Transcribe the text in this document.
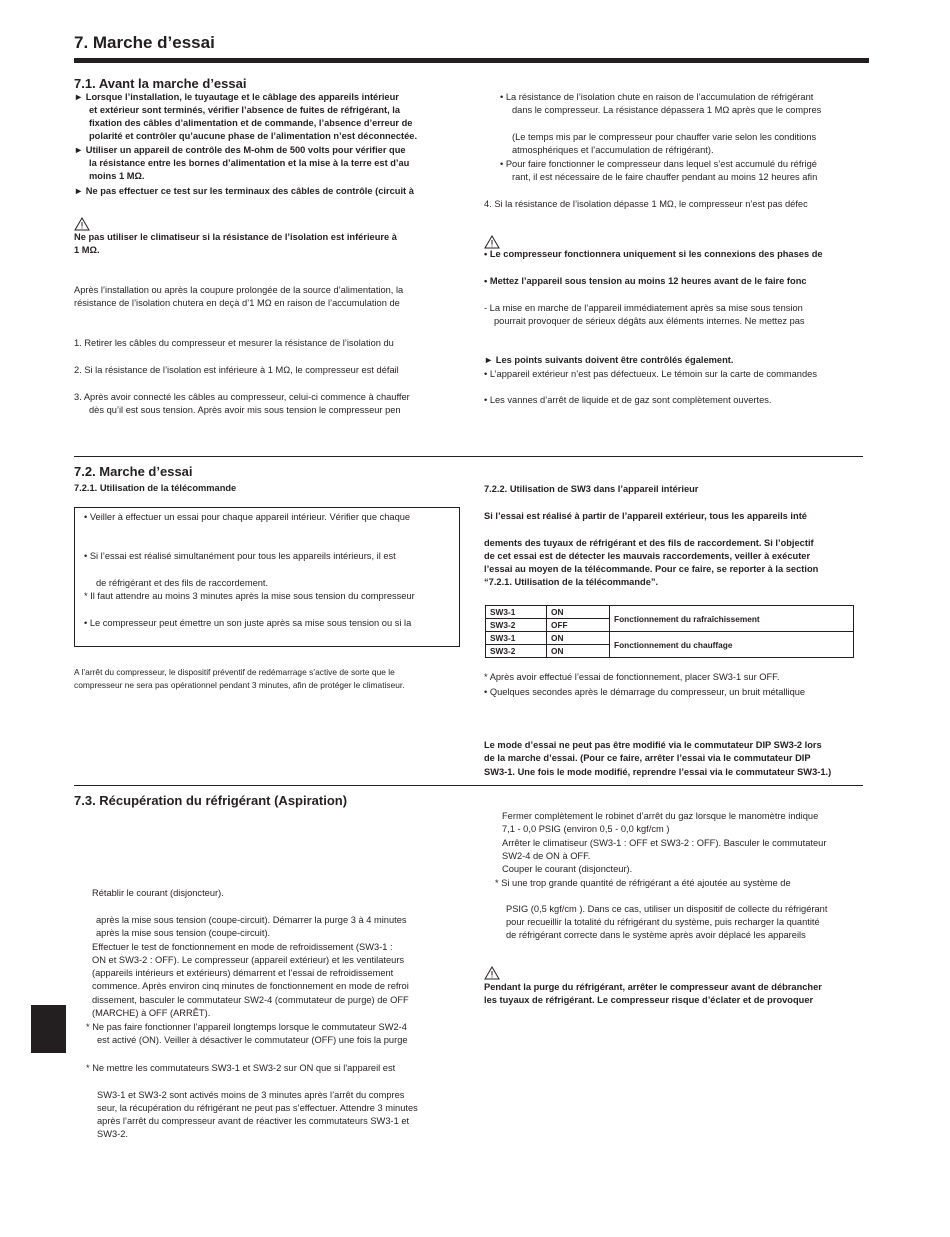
7. Marche d’essai
7.1. Avant la marche d’essai
► Lorsque l’installation, le tuyautage et le câblage des appareils intérieur
et extérieur sont terminés, vérifier l’absence de fuites de réfrigérant, la
fixation des câbles d’alimentation et de commande, l’absence d’erreur de
polarité et contrôler qu’aucune phase de l’alimentation n’est déconnectée.
► Utiliser un appareil de contrôle des M-ohm de 500 volts pour vérifier que
la résistance entre les bornes d’alimentation et la mise à la terre est d’au
moins 1 MΩ.
► Ne pas effectuer ce test sur les terminaux des câbles de contrôle (circuit à
Ne pas utiliser le climatiseur si la résistance de l’isolation est inférieure à
1 MΩ.
Après l’installation ou après la coupure prolongée de la source d’alimentation, la
résistance de l’isolation chutera en deçà d’1 MΩ en raison de l’accumulation de
1. Retirer les câbles du compresseur et mesurer la résistance de l’isolation du
2. Si la résistance de l’isolation est inférieure à 1 MΩ, le compresseur est défail
3. Après avoir connecté les câbles au compresseur, celui-ci commence à chauffer
dès qu’il est sous tension. Après avoir mis sous tension le compresseur pen
• La résistance de l’isolation chute en raison de l’accumulation de réfrigérant
dans le compresseur. La résistance dépassera 1 MΩ après que le compres
(Le temps mis par le compresseur pour chauffer varie selon les conditions
atmosphériques et l’accumulation de réfrigérant).
• Pour faire fonctionner le compresseur dans lequel s’est accumulé du réfrigé
rant, il est nécessaire de le faire chauffer pendant au moins 12 heures afin
4. Si la résistance de l’isolation dépasse 1 MΩ, le compresseur n’est pas défec
• Le compresseur fonctionnera uniquement si les connexions des phases de
• Mettez l’appareil sous tension au moins 12 heures avant de le faire fonc
- La mise en marche de l’appareil immédiatement après sa mise sous tension
pourrait provoquer de sérieux dégâts aux éléments internes. Ne mettez pas
► Les points suivants doivent être contrôlés également.
• L’appareil extérieur n’est pas défectueux. Le témoin sur la carte de commandes
• Les vannes d’arrêt de liquide et de gaz sont complètement ouvertes.
7.2. Marche d’essai
7.2.1. Utilisation de la télécommande
• Veiller à effectuer un essai pour chaque appareil intérieur. Vérifier que chaque
• Si l’essai est réalisé simultanément pour tous les appareils intérieurs, il est
de réfrigérant et des fils de raccordement.
* Il faut attendre au moins 3 minutes après la mise sous tension du compresseur
• Le compresseur peut émettre un son juste après sa mise sous tension ou si la
A l’arrêt du compresseur, le dispositif préventif de redémarrage s’active de sorte que le
compresseur ne sera pas opérationnel pendant 3 minutes, afin de protéger le climatiseur.
7.2.2. Utilisation de SW3 dans l’appareil intérieur
Si l’essai est réalisé à partir de l’appareil extérieur, tous les appareils inté
dements des tuyaux de réfrigérant et des fils de raccordement. Si l’objectif
de cet essai est de détecter les mauvais raccordements, veiller à exécuter
l’essai au moyen de la télécommande. Pour ce faire, se reporter à la section
“7.2.1. Utilisation de la télécommande”.
SW3-1	ON	Fonctionnement du rafraîchissement
SW3-2	OFF	
SW3-1	ON	Fonctionnement du chauffage
SW3-2	ON	
* Après avoir effectué l’essai de fonctionnement, placer SW3-1 sur OFF.
• Quelques secondes après le démarrage du compresseur, un bruit métallique
Le mode d’essai ne peut pas être modifié via le commutateur DIP SW3-2 lors
de la marche d’essai. (Pour ce faire, arrêter l’essai via le commutateur DIP
SW3-1. Une fois le mode modifié, reprendre l’essai via le commutateur SW3-1.)
7.3. Récupération du réfrigérant (Aspiration)
Rétablir le courant (disjoncteur).
après la mise sous tension (coupe-circuit). Démarrer la purge 3 à 4 minutes
après la mise sous tension (coupe-circuit).
Effectuer le test de fonctionnement en mode de refroidissement (SW3-1 :
ON et SW3-2 : OFF). Le compresseur (appareil extérieur) et les ventilateurs
(appareils intérieurs et extérieurs) démarrent et l’essai de refroidissement
commence. Après environ cinq minutes de fonctionnement en mode de refroi
dissement, basculer le commutateur SW2-4 (commutateur de purge) de OFF
(MARCHE) à OFF (ARRÊT).
* Ne pas faire fonctionner l’appareil longtemps lorsque le commutateur SW2-4
est activé (ON). Veiller à désactiver le commutateur (OFF) une fois la purge
* Ne mettre les commutateurs SW3-1 et SW3-2 sur ON que si l'appareil est
SW3-1 et SW3-2 sont activés moins de 3 minutes après l’arrêt du compres
seur, la récupération du réfrigérant ne peut pas s’effectuer. Attendre 3 minutes
après l’arrêt du compresseur avant de réactiver les commutateurs SW3-1 et
SW3-2.
Fermer complètement le robinet d’arrêt du gaz lorsque le manomètre indique
7,1 - 0,0 PSIG (environ 0,5 - 0,0 kgf/cm )
Arrêter le climatiseur (SW3-1 : OFF et SW3-2 : OFF). Basculer le commutateur
SW2-4 de ON à OFF.
Couper le courant (disjoncteur).
* Si une trop grande quantité de réfrigérant a été ajoutée au système de
PSIG (0,5 kgf/cm ). Dans ce cas, utiliser un dispositif de collecte du réfrigérant
pour recueillir la totalité du réfrigérant du système, puis recharger la quantité
de réfrigérant correcte dans le système après avoir déplacé les appareils
Pendant la purge du réfrigérant, arrêter le compresseur avant de débrancher
les tuyaux de réfrigérant. Le compresseur risque d’éclater et de provoquer
